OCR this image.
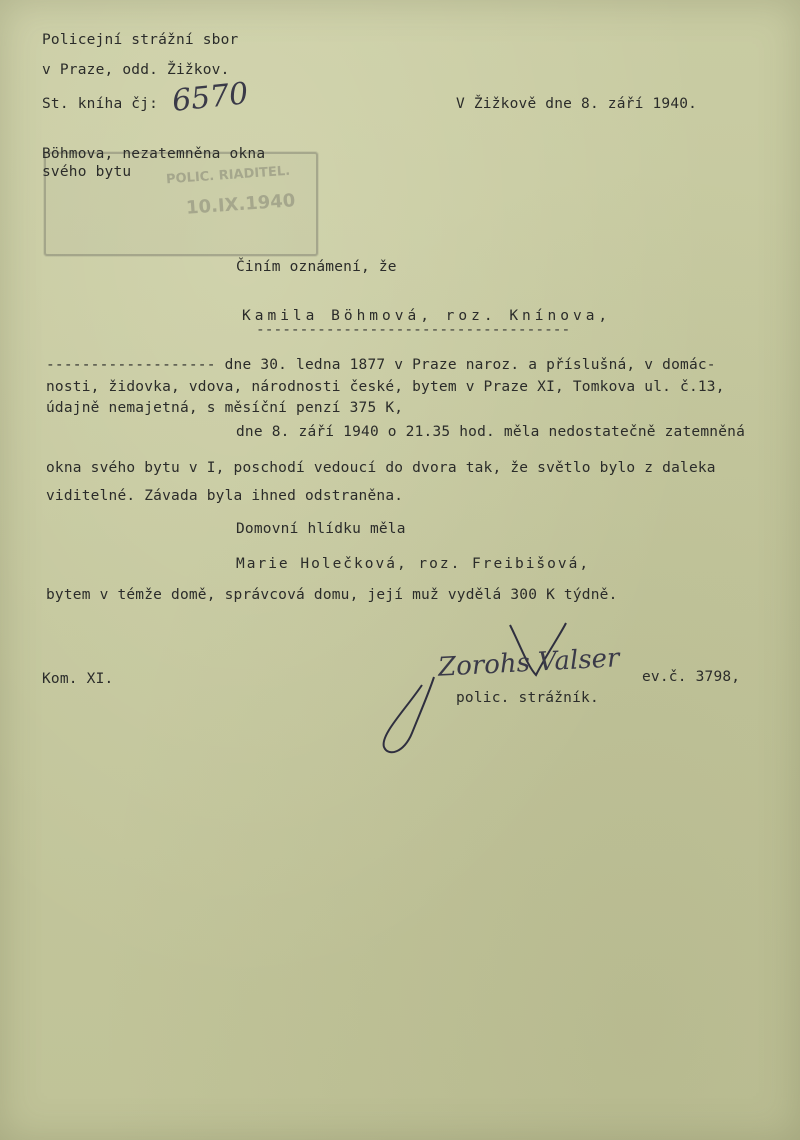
Policejní strážní sbor
v Praze, odd. Žižkov.
St. kníha čj: 6570	V Žižkově dne 8. září 1940.
POLIC. RIADITEL.
10.IX.1940
Böhmova, nezatemněna okna
svého bytu
Činím oznámení, že
Kamila Böhmová, roz. Knínova,
------------------------------------
------------------- dne 30. ledna 1877 v Praze naroz. a příslušná, v domác-
nosti, židovka, vdova, národnosti české, bytem v Praze XI, Tomkova ul. č.13,
údajně nemajetná, s měsíční penzí 375 K,
dne 8. září 1940 o 21.35 hod. měla nedostatečně zatemněná
okna svého bytu v I, poschodí vedoucí do dvora tak, že světlo bylo z daleka
viditelné. Závada byla ihned odstraněna.
Domovní hlídku měla
Marie Holečková, roz. Freibišová,
bytem v témže domě, správcová domu, její muž vydělá 300 K týdně.
Kom. XI.	Zorohs Valser ev.č. 3798,
polic. strážník.
